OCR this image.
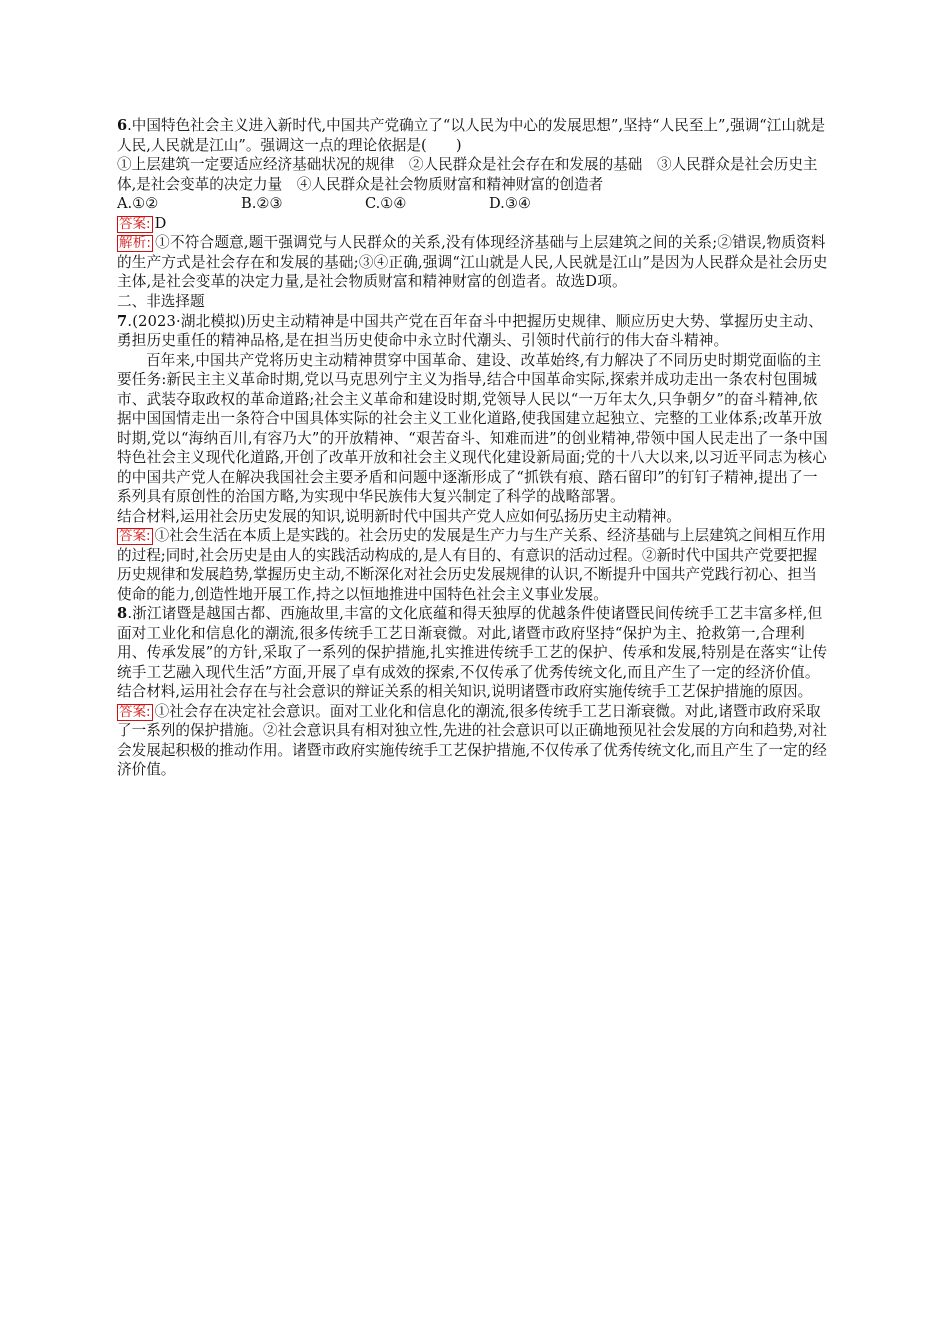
6.中国特色社会主义进入新时代,中国共产党确立了“以人民为中心的发展思想”,坚持“人民至上”,强调“江山就是人民,人民就是江山”。强调这一点的理论依据是(　　)

①上层建筑一定要适应经济基础状况的规律　②人民群众是社会存在和发展的基础　③人民群众是社会历史主体,是社会变革的决定力量　④人民群众是社会物质财富和精神财富的创造者

A.①②	B.②③	C.①④	D.③④

答案: D

解析: ①不符合题意,题干强调党与人民群众的关系,没有体现经济基础与上层建筑之间的关系;②错误,物质资料的生产方式是社会存在和发展的基础;③④正确,强调“江山就是人民,人民就是江山”是因为人民群众是社会历史主体,是社会变革的决定力量,是社会物质财富和精神财富的创造者。故选D项。

二、非选择题

7.(2023·湖北模拟)历史主动精神是中国共产党在百年奋斗中把握历史规律、顺应历史大势、掌握历史主动、勇担历史重任的精神品格,是在担当历史使命中永立时代潮头、引领时代前行的伟大奋斗精神。

百年来,中国共产党将历史主动精神贯穿中国革命、建设、改革始终,有力解决了不同历史时期党面临的主要任务:新民主主义革命时期,党以马克思列宁主义为指导,结合中国革命实际,探索并成功走出一条农村包围城市、武装夺取政权的革命道路;社会主义革命和建设时期,党领导人民以“一万年太久,只争朝夕”的奋斗精神,依据中国国情走出一条符合中国具体实际的社会主义工业化道路,使我国建立起独立、完整的工业体系;改革开放时期,党以“海纳百川,有容乃大”的开放精神、“艰苦奋斗、知难而进”的创业精神,带领中国人民走出了一条中国特色社会主义现代化道路,开创了改革开放和社会主义现代化建设新局面;党的十八大以来,以习近平同志为核心的中国共产党人在解决我国社会主要矛盾和问题中逐渐形成了“抓铁有痕、踏石留印”的钉钉子精神,提出了一系列具有原创性的治国方略,为实现中华民族伟大复兴制定了科学的战略部署。

结合材料,运用社会历史发展的知识,说明新时代中国共产党人应如何弘扬历史主动精神。

答案: ①社会生活在本质上是实践的。社会历史的发展是生产力与生产关系、经济基础与上层建筑之间相互作用的过程;同时,社会历史是由人的实践活动构成的,是人有目的、有意识的活动过程。②新时代中国共产党要把握历史规律和发展趋势,掌握历史主动,不断深化对社会历史发展规律的认识,不断提升中国共产党践行初心、担当使命的能力,创造性地开展工作,持之以恒地推进中国特色社会主义事业发展。

8.浙江诸暨是越国古都、西施故里,丰富的文化底蕴和得天独厚的优越条件使诸暨民间传统手工艺丰富多样,但面对工业化和信息化的潮流,很多传统手工艺日渐衰微。对此,诸暨市政府坚持“保护为主、抢救第一,合理利用、传承发展”的方针,采取了一系列的保护措施,扎实推进传统手工艺的保护、传承和发展,特别是在落实“让传统手工艺融入现代生活”方面,开展了卓有成效的探索,不仅传承了优秀传统文化,而且产生了一定的经济价值。

结合材料,运用社会存在与社会意识的辩证关系的相关知识,说明诸暨市政府实施传统手工艺保护措施的原因。

答案: ①社会存在决定社会意识。面对工业化和信息化的潮流,很多传统手工艺日渐衰微。对此,诸暨市政府采取了一系列的保护措施。②社会意识具有相对独立性,先进的社会意识可以正确地预见社会发展的方向和趋势,对社会发展起积极的推动作用。诸暨市政府实施传统手工艺保护措施,不仅传承了优秀传统文化,而且产生了一定的经济价值。
